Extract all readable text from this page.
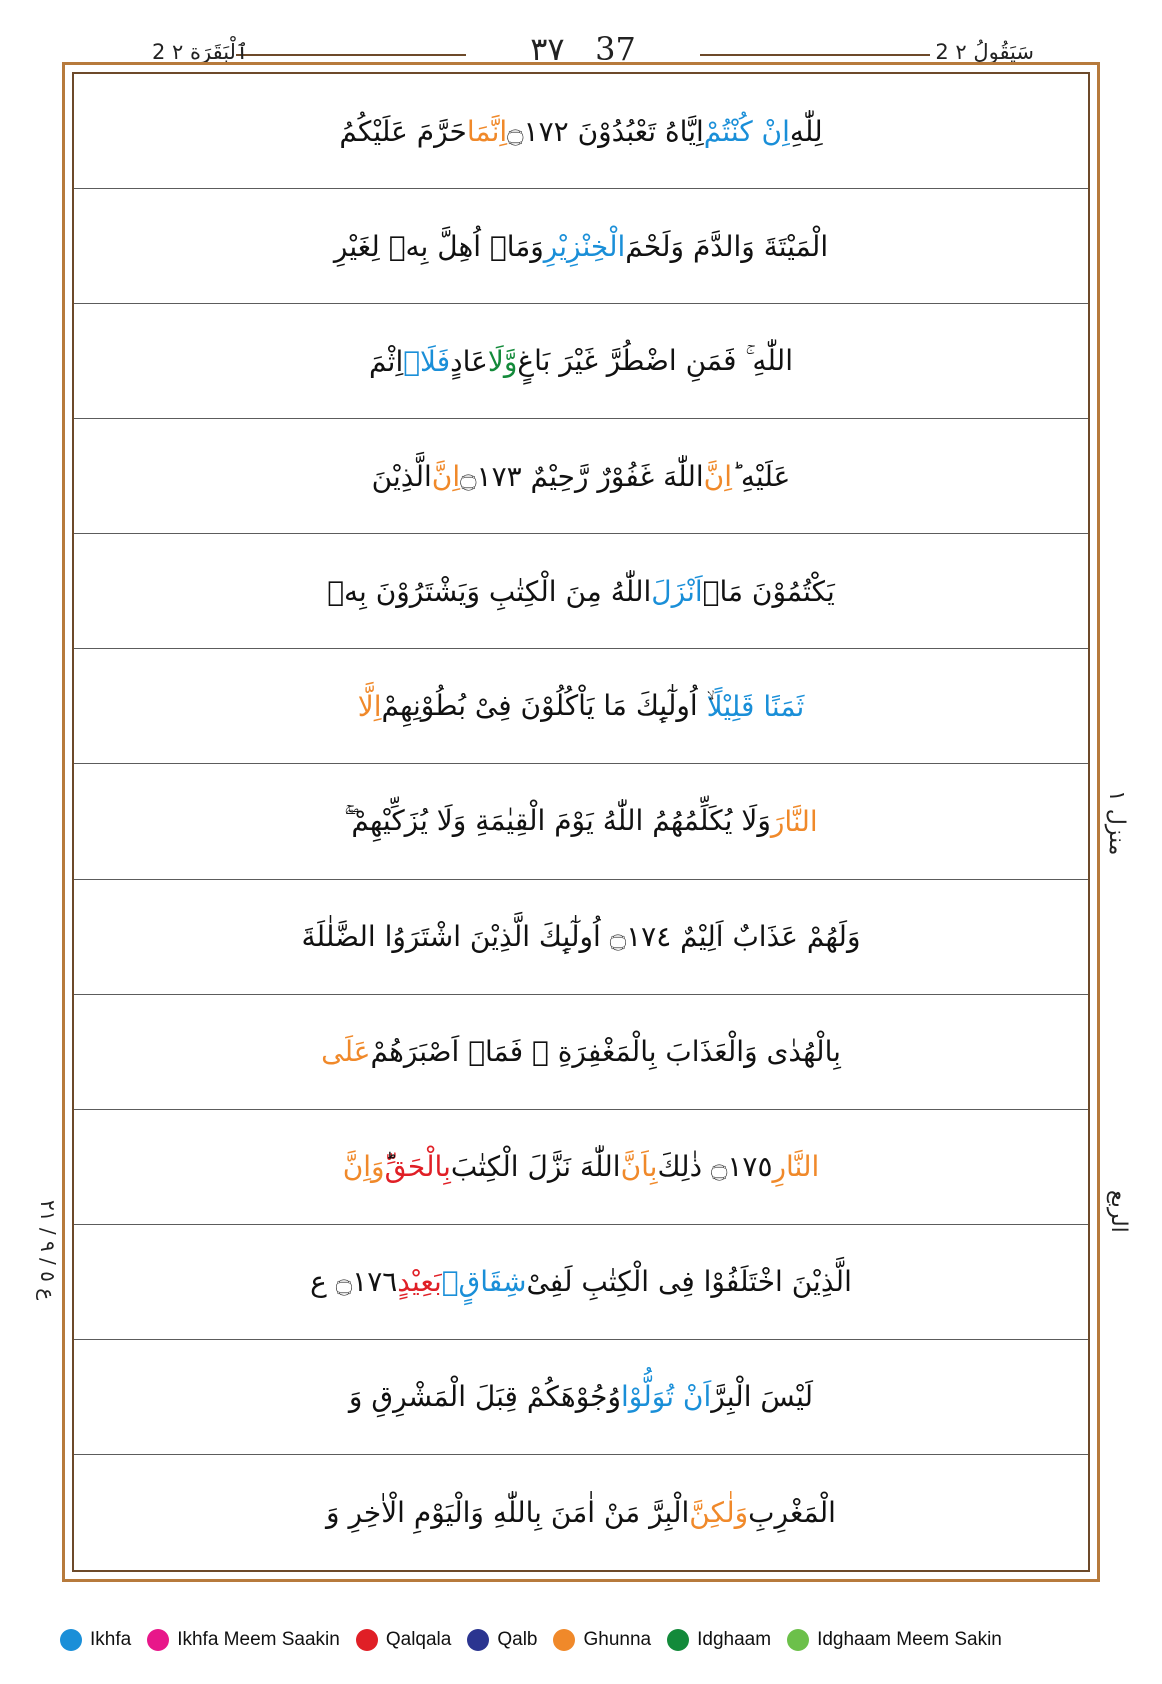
2 ٱلْبَقَرَة ٢	٣٧ 37	2 سَيَقُولُ ٢
لِلّٰهِ
اِنْ كُنْتُمْ
اِیَّاهُ تَعْبُدُوْنَ ۝١٧٢
اِنَّمَا
حَرَّمَ عَلَیْكُمُ
الْمَیْتَةَ وَالدَّمَ وَلَحْمَ
الْخِنْزِیْرِ
وَمَاۤ اُهِلَّ بِهٖ لِغَیْرِ
اللّٰهِ ۚ فَمَنِ اضْطُرَّ غَیْرَ بَاغٍ
وَّلَا
عَادٍ
فَلَاۤ
اِثْمَ
عَلَیْهِ ؕ
اِنَّ
اللّٰهَ غَفُوْرٌ رَّحِیْمٌ ۝١٧٣
اِنَّ
الَّذِیْنَ
یَكْتُمُوْنَ مَاۤ
اَنْزَلَ
اللّٰهُ مِنَ الْكِتٰبِ وَیَشْتَرُوْنَ بِهٖ
ثَمَنًا قَلِیْلًا
ۙ اُولٰٓىِٕكَ مَا یَاْكُلُوْنَ فِیْ بُطُوْنِهِمْ
اِلَّا
النَّارَ
وَلَا یُكَلِّمُهُمُ اللّٰهُ یَوْمَ الْقِیٰمَةِ وَلَا یُزَكِّیْهِمْ ۚۖ
وَلَهُمْ عَذَابٌ اَلِیْمٌ ۝١٧٤ اُولٰٓىِٕكَ الَّذِیْنَ اشْتَرَوُا الضَّلٰلَةَ
بِالْهُدٰى وَالْعَذَابَ بِالْمَغْفِرَةِ ۚ فَمَاۤ اَصْبَرَهُمْ
عَلَى
النَّارِ
۝١٧٥ ذٰلِكَ
بِاَنَّ
اللّٰهَ نَزَّلَ الْكِتٰبَ
بِالْحَقِّ
وَاِنَّ
الَّذِیْنَ اخْتَلَفُوْا فِی الْكِتٰبِ لَفِیْ
شِقَاقٍۭ
بَعِیْدٍ
۝١٧٦ ع
لَیْسَ الْبِرَّ
اَنْ تُوَلُّوْا
وُجُوْهَكُمْ قِبَلَ الْمَشْرِقِ وَ
الْمَغْرِبِ
وَلٰكِنَّ
الْبِرَّ مَنْ اٰمَنَ بِاللّٰهِ وَالْیَوْمِ الْاٰخِرِ وَ
منزل ١
الربع
ع ٥ / ٩ / ٢١
Ikhfa Ikhfa Meem Saakin Qalqala Qalb Ghunna Idghaam Idghaam Meem Sakin
